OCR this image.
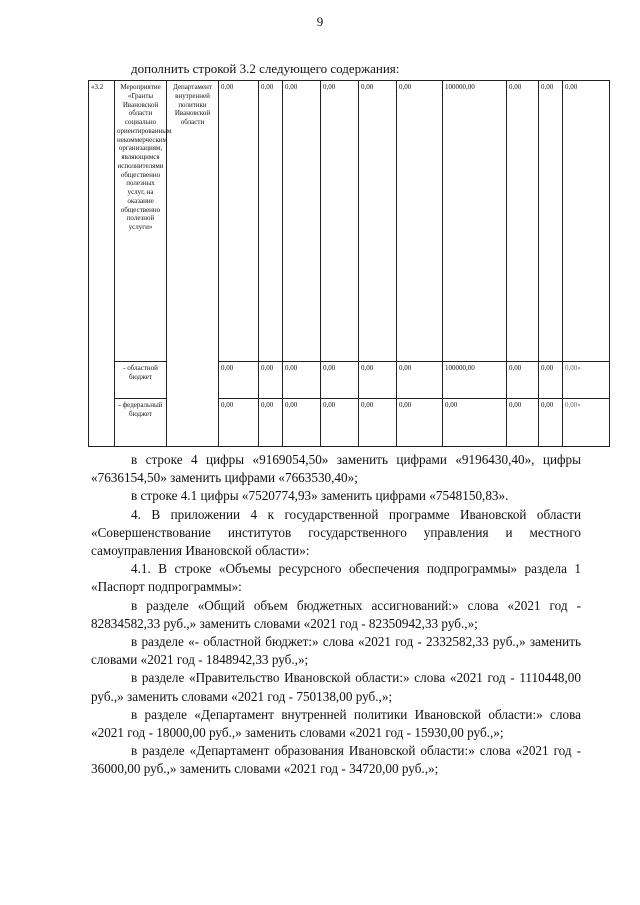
9
дополнить строкой 3.2 следующего содержания:
«3.2	Мероприятие «Гранты Ивановской области социально ориентированным некоммерческим организациям, являющимся исполнителями общественно полезных услуг, на оказание общественно полезной услуги»	Департамент внутренней политики Ивановской области	0,00	0,00	0,00	0,00	0,00	0,00	100000,00	0,00	0,00	0,00
	- областной бюджет		0,00	0,00	0,00	0,00	0,00	0,00	100000,00	0,00	0,00	0,00»
	- федеральный бюджет		0,00	0,00	0,00	0,00	0,00	0,00	0,00	0,00	0,00	0,00»

в строке 4 цифры «9169054,50» заменить цифрами «9196430,40», цифры «7636154,50» заменить цифрами «7663530,40»;

в строке 4.1 цифры «7520774,93» заменить цифрами «7548150,83».

4. В приложении 4 к государственной программе Ивановской области «Совершенствование институтов государственного управления и местного самоуправления Ивановской области»:

4.1. В строке «Объемы ресурсного обеспечения подпрограммы» раздела 1 «Паспорт подпрограммы»:

в разделе «Общий объем бюджетных ассигнований:» слова «2021 год - 82834582,33 руб.,» заменить словами «2021 год - 82350942,33 руб.,»;

в разделе «- областной бюджет:» слова «2021 год - 2332582,33 руб.,» заменить словами «2021 год - 1848942,33 руб.,»;

в разделе «Правительство Ивановской области:» слова «2021 год - 1110448,00 руб.,» заменить словами «2021 год - 750138,00 руб.,»;

в разделе «Департамент внутренней политики Ивановской области:» слова «2021 год - 18000,00 руб.,» заменить словами «2021 год - 15930,00 руб.,»;

в разделе «Департамент образования Ивановской области:» слова «2021 год - 36000,00 руб.,» заменить словами «2021 год - 34720,00 руб.,»;
